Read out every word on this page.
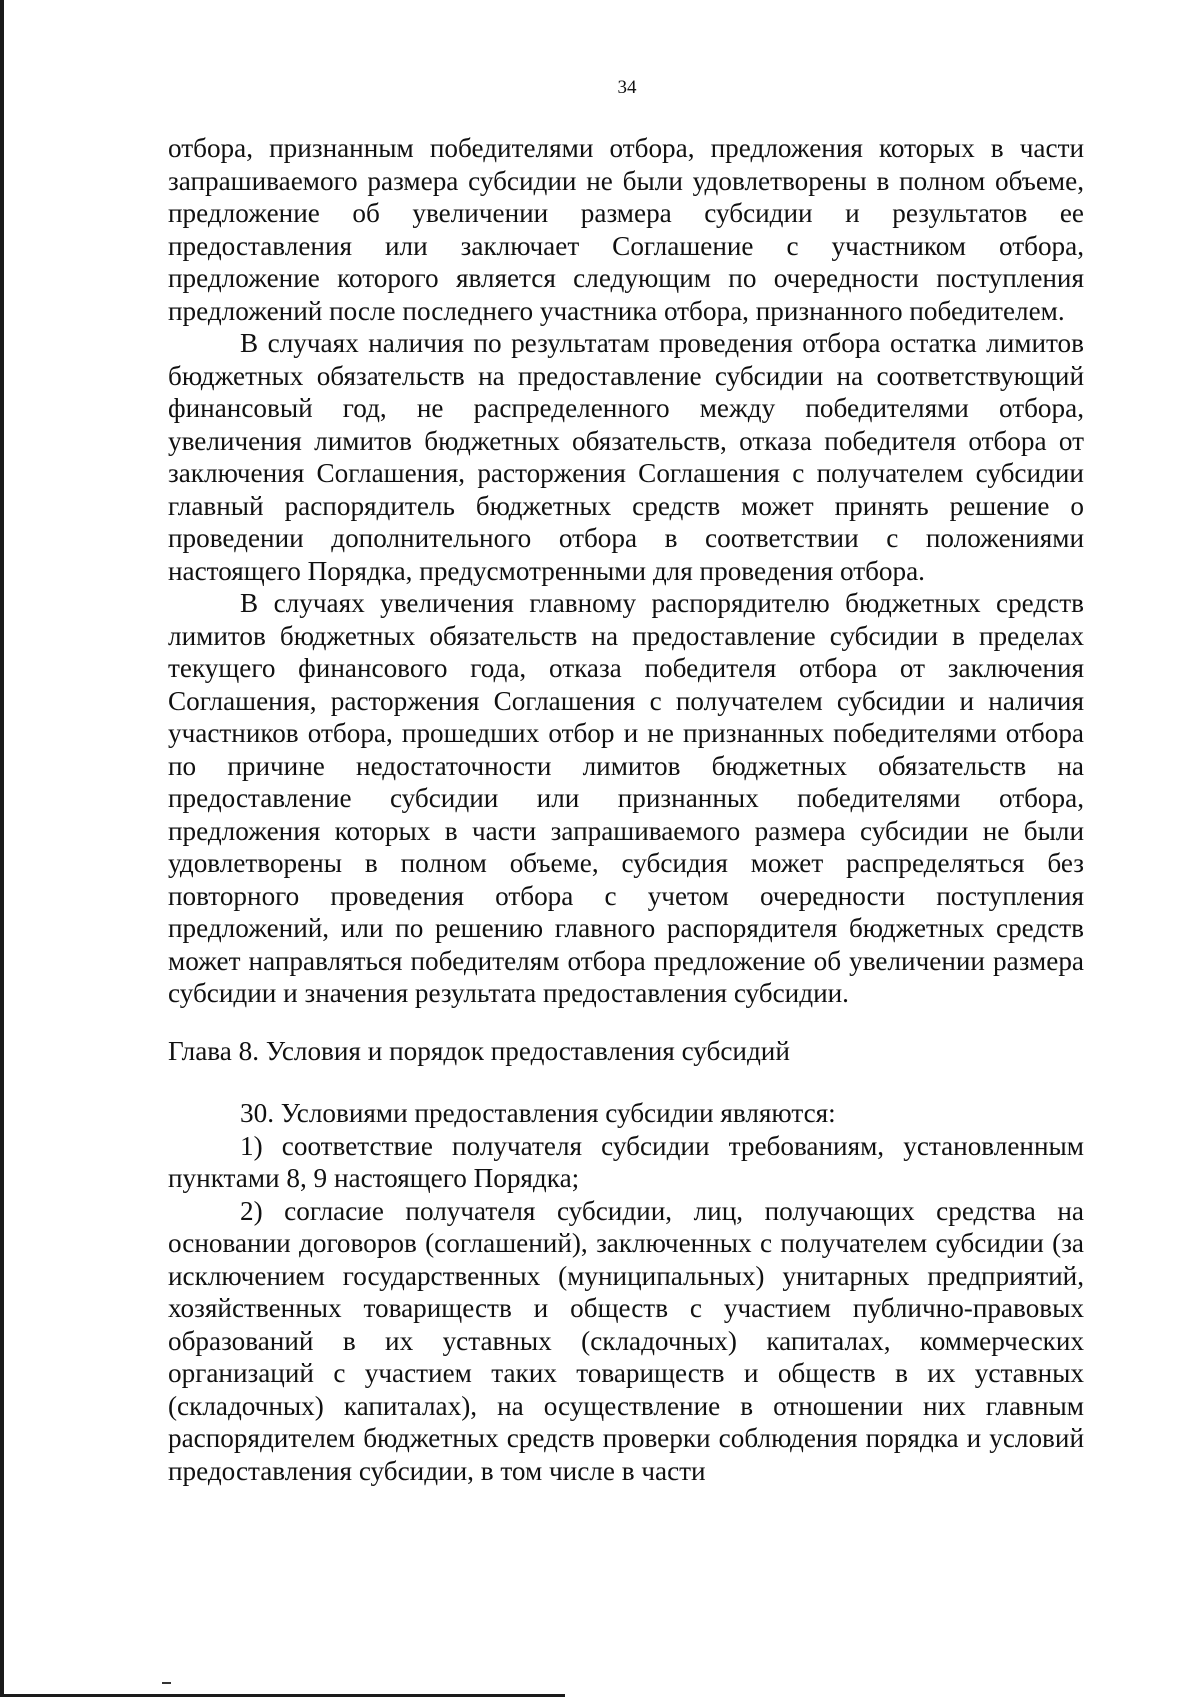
34

отбора, признанным победителями отбора, предложения которых в части запрашиваемого размера субсидии не были удовлетворены в полном объеме, предложение об увеличении размера субсидии и результатов ее предоставления или заключает Соглашение с участником отбора, предложение которого является следующим по очередности поступления предложений после последнего участника отбора, признанного победителем.

В случаях наличия по результатам проведения отбора остатка лимитов бюджетных обязательств на предоставление субсидии на соответствующий финансовый год, не распределенного между победителями отбора, увеличения лимитов бюджетных обязательств, отказа победителя отбора от заключения Соглашения, расторжения Соглашения с получателем субсидии главный распорядитель бюджетных средств может принять решение о проведении дополнительного отбора в соответствии с положениями настоящего Порядка, предусмотренными для проведения отбора.

В случаях увеличения главному распорядителю бюджетных средств лимитов бюджетных обязательств на предоставление субсидии в пределах текущего финансового года, отказа победителя отбора от заключения Соглашения, расторжения Соглашения с получателем субсидии и наличия участников отбора, прошедших отбор и не признанных победителями отбора по причине недостаточности лимитов бюджетных обязательств на предоставление субсидии или признанных победителями отбора, предложения которых в части запрашиваемого размера субсидии не были удовлетворены в полном объеме, субсидия может распределяться без повторного проведения отбора с учетом очередности поступления предложений, или по решению главного распорядителя бюджетных средств может направляться победителям отбора предложение об увеличении размера субсидии и значения результата предоставления субсидии.

Глава 8. Условия и порядок предоставления субсидий

30. Условиями предоставления субсидии являются:

1) соответствие получателя субсидии требованиям, установленным пунктами 8, 9 настоящего Порядка;

2) согласие получателя субсидии, лиц, получающих средства на основании договоров (соглашений), заключенных с получателем субсидии (за исключением государственных (муниципальных) унитарных предприятий, хозяйственных товариществ и обществ с участием публично-правовых образований в их уставных (складочных) капиталах, коммерческих организаций с участием таких товариществ и обществ в их уставных (складочных) капиталах), на осуществление в отношении них главным распорядителем бюджетных средств проверки соблюдения порядка и условий предоставления субсидии, в том числе в части
